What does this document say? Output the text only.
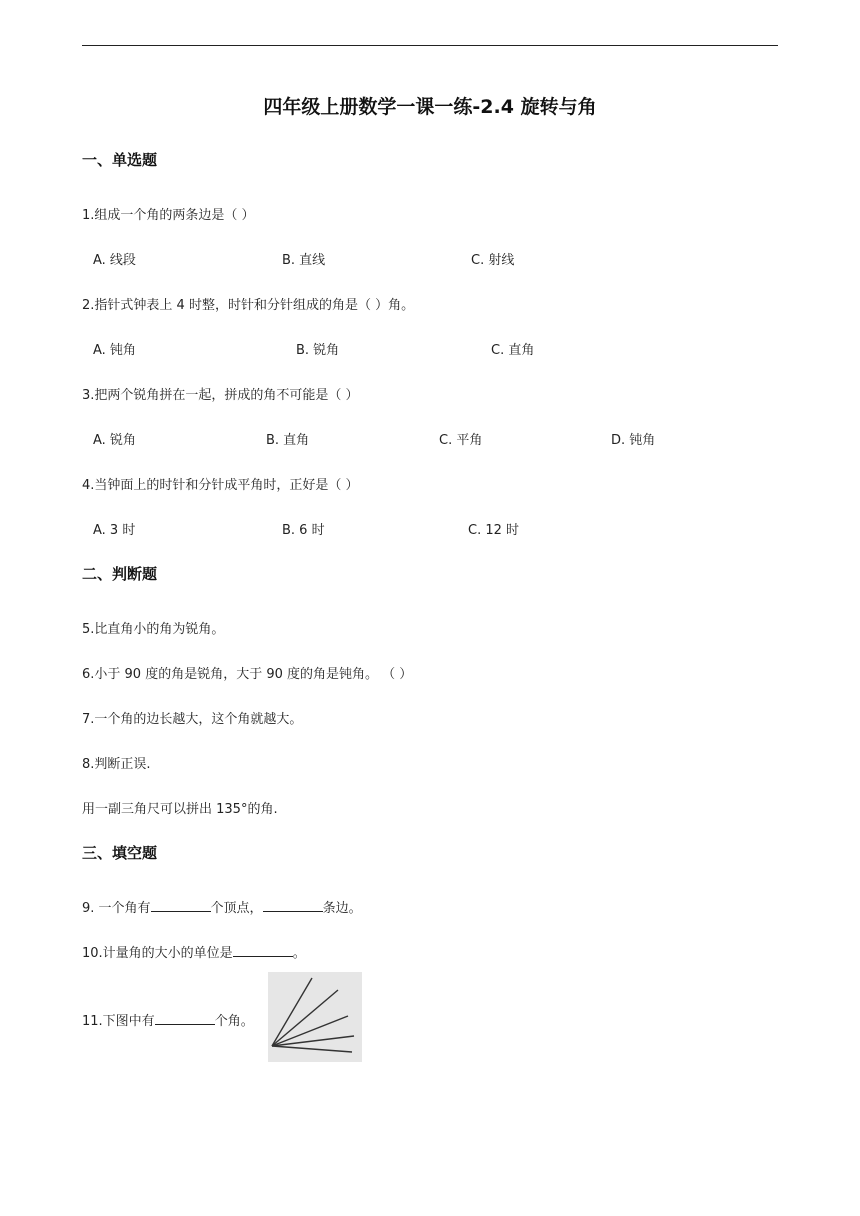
四年级上册数学一课一练-2.4 旋转与角
一、单选题
1.组成一个角的两条边是（ ）
A. 线段	B. 直线	C. 射线
2.指针式钟表上 4 时整，时针和分针组成的角是（ ）角。
A. 钝角	B. 锐角	C. 直角
3.把两个锐角拼在一起，拼成的角不可能是（ ）
A. 锐角	B. 直角	C. 平角	D. 钝角
4.当钟面上的时针和分针成平角时，正好是（ ）
A. 3 时	B. 6 时	C. 12 时
二、判断题
5.比直角小的角为锐角。
6.小于 90 度的角是锐角，大于 90 度的角是钝角。 （ ）
7.一个角的边长越大，这个角就越大。
8.判断正误.
用一副三角尺可以拼出 135°的角.
三、填空题
9. 一个角有	个顶点，	条边。
10.计量角的大小的单位是	。
11.下图中有	个角。
